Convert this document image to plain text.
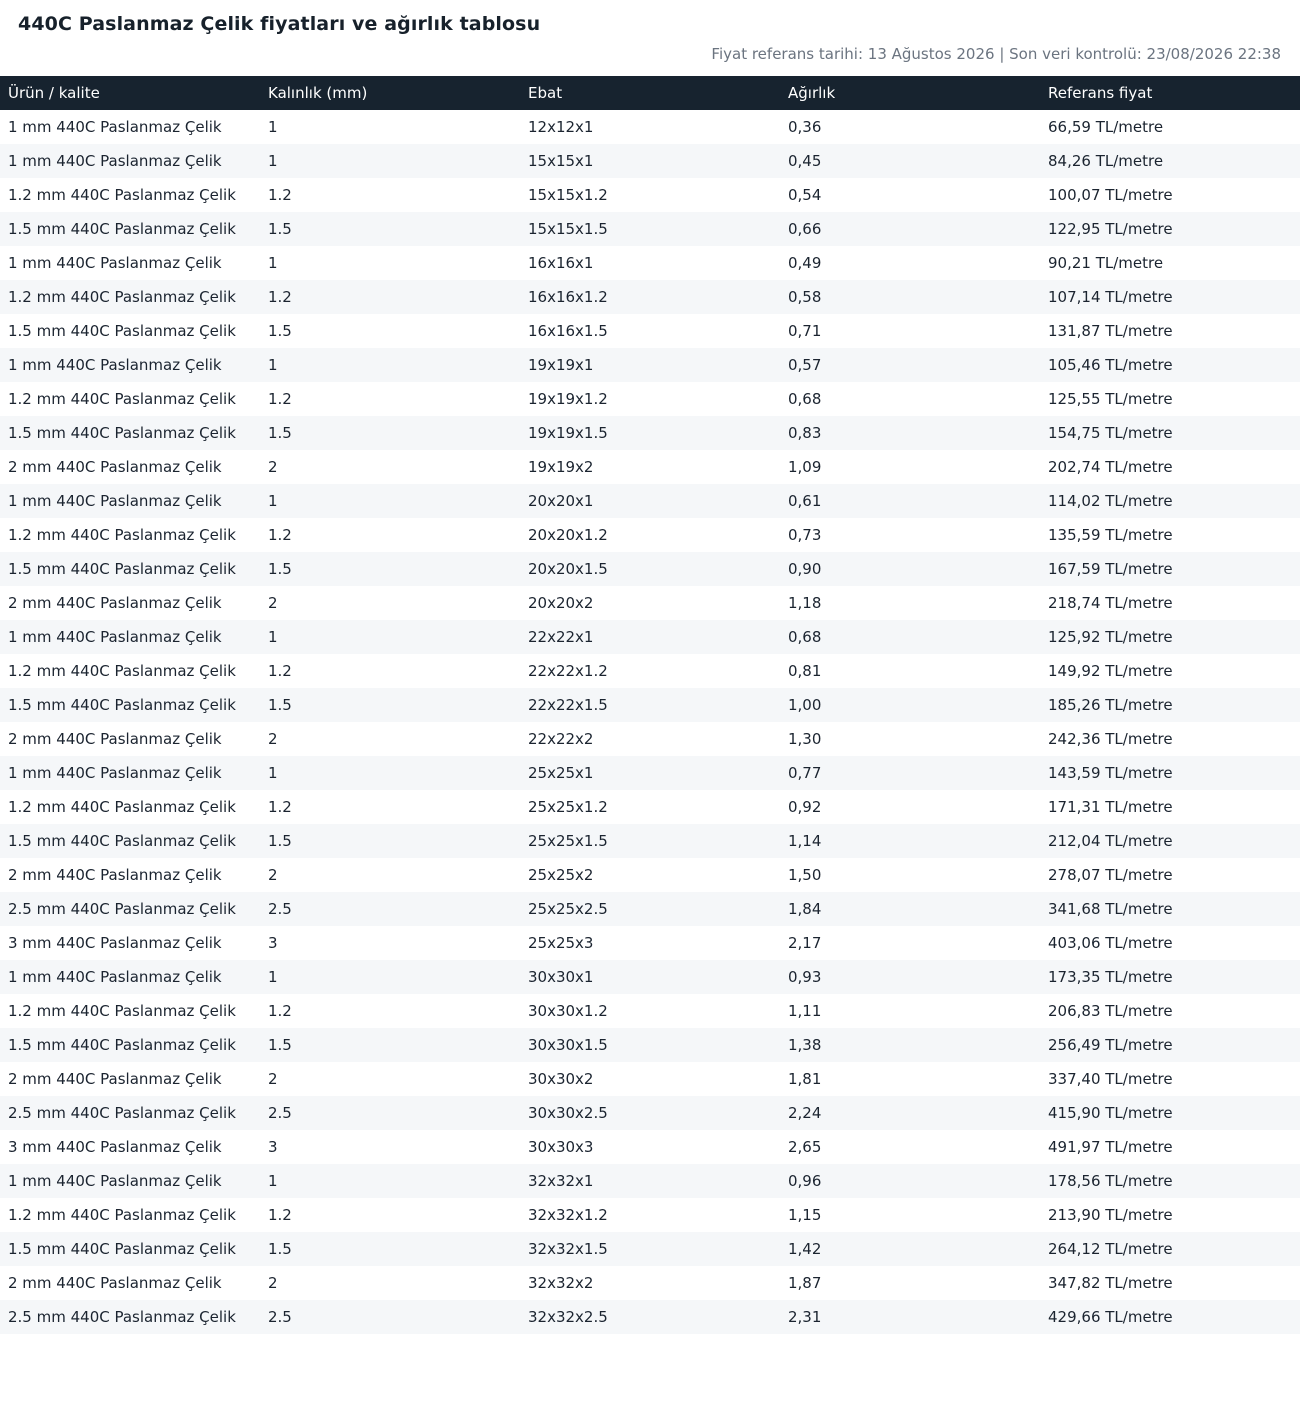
440C Paslanmaz Çelik fiyatları ve ağırlık tablosu
Fiyat referans tarihi: 13 Ağustos 2026 | Son veri kontrolü: 23/08/2026 22:38
Ürün / kalite	Kalınlık (mm)	Ebat	Ağırlık	Referans fiyat
1 mm 440C Paslanmaz Çelik	1	12x12x1	0,36	66,59 TL/metre
1 mm 440C Paslanmaz Çelik	1	15x15x1	0,45	84,26 TL/metre
1.2 mm 440C Paslanmaz Çelik	1.2	15x15x1.2	0,54	100,07 TL/metre
1.5 mm 440C Paslanmaz Çelik	1.5	15x15x1.5	0,66	122,95 TL/metre
1 mm 440C Paslanmaz Çelik	1	16x16x1	0,49	90,21 TL/metre
1.2 mm 440C Paslanmaz Çelik	1.2	16x16x1.2	0,58	107,14 TL/metre
1.5 mm 440C Paslanmaz Çelik	1.5	16x16x1.5	0,71	131,87 TL/metre
1 mm 440C Paslanmaz Çelik	1	19x19x1	0,57	105,46 TL/metre
1.2 mm 440C Paslanmaz Çelik	1.2	19x19x1.2	0,68	125,55 TL/metre
1.5 mm 440C Paslanmaz Çelik	1.5	19x19x1.5	0,83	154,75 TL/metre
2 mm 440C Paslanmaz Çelik	2	19x19x2	1,09	202,74 TL/metre
1 mm 440C Paslanmaz Çelik	1	20x20x1	0,61	114,02 TL/metre
1.2 mm 440C Paslanmaz Çelik	1.2	20x20x1.2	0,73	135,59 TL/metre
1.5 mm 440C Paslanmaz Çelik	1.5	20x20x1.5	0,90	167,59 TL/metre
2 mm 440C Paslanmaz Çelik	2	20x20x2	1,18	218,74 TL/metre
1 mm 440C Paslanmaz Çelik	1	22x22x1	0,68	125,92 TL/metre
1.2 mm 440C Paslanmaz Çelik	1.2	22x22x1.2	0,81	149,92 TL/metre
1.5 mm 440C Paslanmaz Çelik	1.5	22x22x1.5	1,00	185,26 TL/metre
2 mm 440C Paslanmaz Çelik	2	22x22x2	1,30	242,36 TL/metre
1 mm 440C Paslanmaz Çelik	1	25x25x1	0,77	143,59 TL/metre
1.2 mm 440C Paslanmaz Çelik	1.2	25x25x1.2	0,92	171,31 TL/metre
1.5 mm 440C Paslanmaz Çelik	1.5	25x25x1.5	1,14	212,04 TL/metre
2 mm 440C Paslanmaz Çelik	2	25x25x2	1,50	278,07 TL/metre
2.5 mm 440C Paslanmaz Çelik	2.5	25x25x2.5	1,84	341,68 TL/metre
3 mm 440C Paslanmaz Çelik	3	25x25x3	2,17	403,06 TL/metre
1 mm 440C Paslanmaz Çelik	1	30x30x1	0,93	173,35 TL/metre
1.2 mm 440C Paslanmaz Çelik	1.2	30x30x1.2	1,11	206,83 TL/metre
1.5 mm 440C Paslanmaz Çelik	1.5	30x30x1.5	1,38	256,49 TL/metre
2 mm 440C Paslanmaz Çelik	2	30x30x2	1,81	337,40 TL/metre
2.5 mm 440C Paslanmaz Çelik	2.5	30x30x2.5	2,24	415,90 TL/metre
3 mm 440C Paslanmaz Çelik	3	30x30x3	2,65	491,97 TL/metre
1 mm 440C Paslanmaz Çelik	1	32x32x1	0,96	178,56 TL/metre
1.2 mm 440C Paslanmaz Çelik	1.2	32x32x1.2	1,15	213,90 TL/metre
1.5 mm 440C Paslanmaz Çelik	1.5	32x32x1.5	1,42	264,12 TL/metre
2 mm 440C Paslanmaz Çelik	2	32x32x2	1,87	347,82 TL/metre
2.5 mm 440C Paslanmaz Çelik	2.5	32x32x2.5	2,31	429,66 TL/metre
